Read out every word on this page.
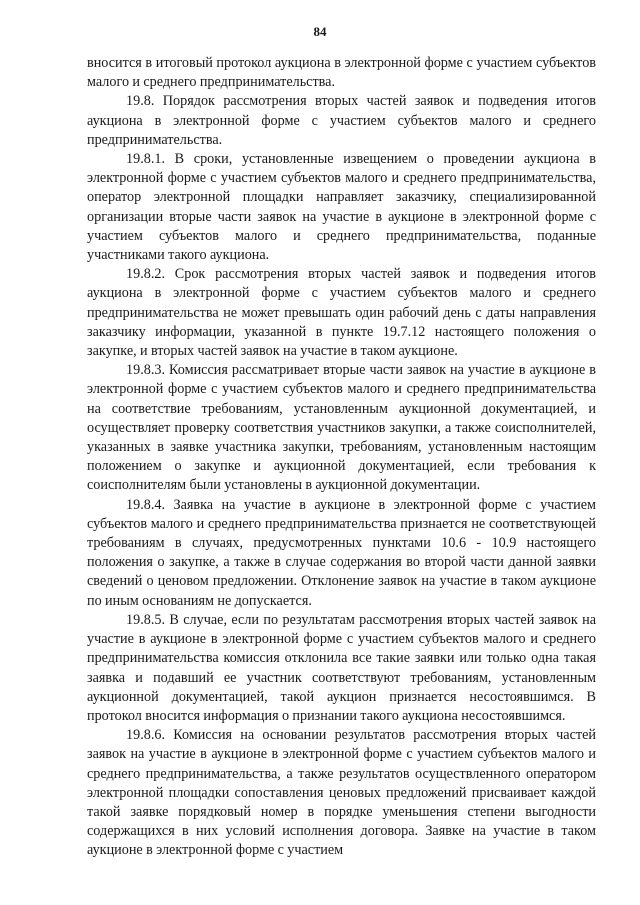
84

вносится в итоговый протокол аукциона в электронной форме с участием субъектов малого и среднего предпринимательства.

19.8. Порядок рассмотрения вторых частей заявок и подведения итогов аукциона в электронной форме с участием субъектов малого и среднего предпринимательства.

19.8.1. В сроки, установленные извещением о проведении аукциона в электронной форме с участием субъектов малого и среднего предпринимательства, оператор электронной площадки направляет заказчику, специализированной организации вторые части заявок на участие в аукционе в электронной форме с участием субъектов малого и среднего предпринимательства, поданные участниками такого аукциона.

19.8.2. Срок рассмотрения вторых частей заявок и подведения итогов аукциона в электронной форме с участием субъектов малого и среднего предпринимательства не может превышать один рабочий день с даты направления заказчику информации, указанной в пункте 19.7.12 настоящего положения о закупке, и вторых частей заявок на участие в таком аукционе.

19.8.3. Комиссия рассматривает вторые части заявок на участие в аукционе в электронной форме с участием субъектов малого и среднего предпринимательства на соответствие требованиям, установленным аукционной документацией, и осуществляет проверку соответствия участников закупки, а также соисполнителей, указанных в заявке участника закупки, требованиям, установленным настоящим положением о закупке и аукционной документацией, если требования к соисполнителям были установлены в аукционной документации.

19.8.4. Заявка на участие в аукционе в электронной форме с участием субъектов малого и среднего предпринимательства признается не соответствующей требованиям в случаях, предусмотренных пунктами 10.6 - 10.9 настоящего положения о закупке, а также в случае содержания во второй части данной заявки сведений о ценовом предложении. Отклонение заявок на участие в таком аукционе по иным основаниям не допускается.

19.8.5. В случае, если по результатам рассмотрения вторых частей заявок на участие в аукционе в электронной форме с участием субъектов малого и среднего предпринимательства комиссия отклонила все такие заявки или только одна такая заявка и подавший ее участник соответствуют требованиям, установленным аукционной документацией, такой аукцион признается несостоявшимся. В протокол вносится информация о признании такого аукциона несостоявшимся.

19.8.6. Комиссия на основании результатов рассмотрения вторых частей заявок на участие в аукционе в электронной форме с участием субъектов малого и среднего предпринимательства, а также результатов осуществленного оператором электронной площадки сопоставления ценовых предложений присваивает каждой такой заявке порядковый номер в порядке уменьшения степени выгодности содержащихся в них условий исполнения договора. Заявке на участие в таком аукционе в электронной форме с участием
